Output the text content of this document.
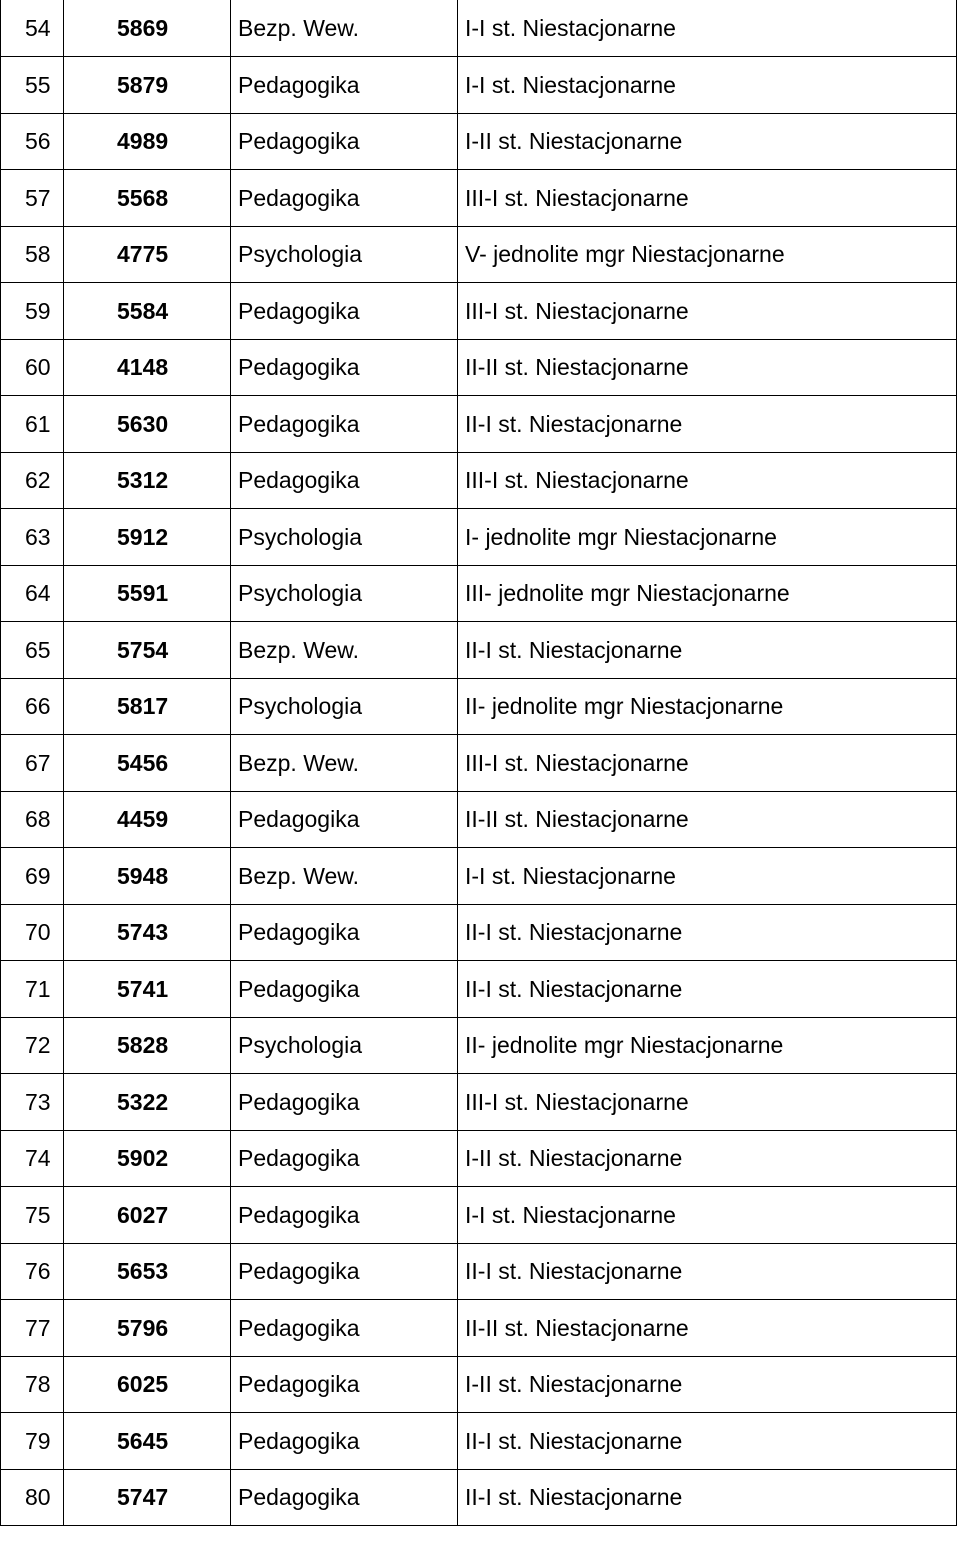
54	5869	Bezp. Wew.	I-I st. Niestacjonarne
55	5879	Pedagogika	I-I st. Niestacjonarne
56	4989	Pedagogika	I-II st. Niestacjonarne
57	5568	Pedagogika	III-I st. Niestacjonarne
58	4775	Psychologia	V- jednolite mgr Niestacjonarne
59	5584	Pedagogika	III-I st. Niestacjonarne
60	4148	Pedagogika	II-II st. Niestacjonarne
61	5630	Pedagogika	II-I st. Niestacjonarne
62	5312	Pedagogika	III-I st. Niestacjonarne
63	5912	Psychologia	I- jednolite mgr Niestacjonarne
64	5591	Psychologia	III- jednolite mgr Niestacjonarne
65	5754	Bezp. Wew.	II-I st. Niestacjonarne
66	5817	Psychologia	II- jednolite mgr Niestacjonarne
67	5456	Bezp. Wew.	III-I st. Niestacjonarne
68	4459	Pedagogika	II-II st. Niestacjonarne
69	5948	Bezp. Wew.	I-I st. Niestacjonarne
70	5743	Pedagogika	II-I st. Niestacjonarne
71	5741	Pedagogika	II-I st. Niestacjonarne
72	5828	Psychologia	II- jednolite mgr Niestacjonarne
73	5322	Pedagogika	III-I st. Niestacjonarne
74	5902	Pedagogika	I-II st. Niestacjonarne
75	6027	Pedagogika	I-I st. Niestacjonarne
76	5653	Pedagogika	II-I st. Niestacjonarne
77	5796	Pedagogika	II-II st. Niestacjonarne
78	6025	Pedagogika	I-II st. Niestacjonarne
79	5645	Pedagogika	II-I st. Niestacjonarne
80	5747	Pedagogika	II-I st. Niestacjonarne
